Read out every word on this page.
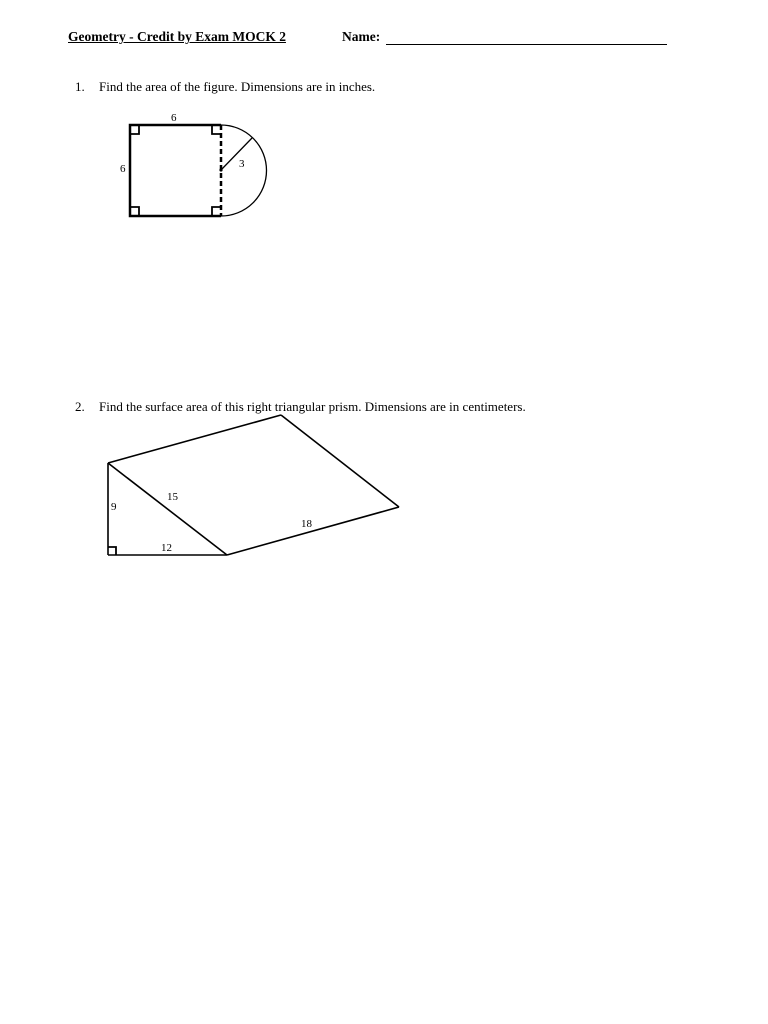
Geometry - Credit by Exam MOCK 2	Name:
1. Find the area of the figure. Dimensions are in inches.
2. Find the surface area of this right triangular prism. Dimensions are in centimeters.
6
6	3
9
15
12
18
